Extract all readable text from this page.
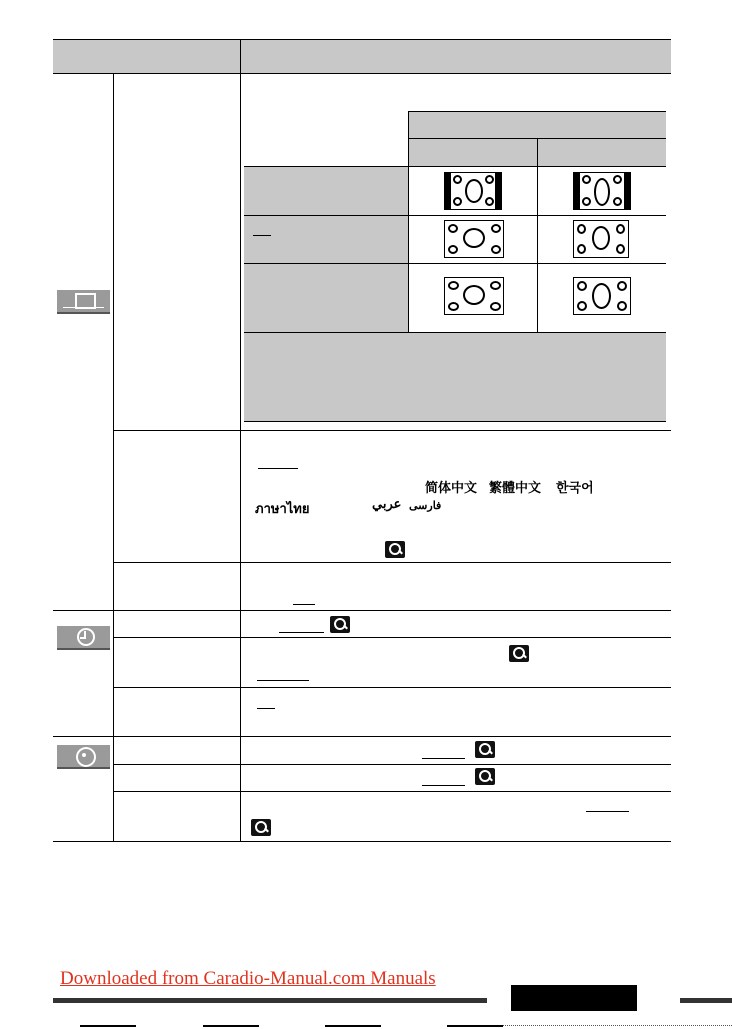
简体中文 繁體中文 한국어
ภาษาไทย	عربي فارسی
Downloaded from Caradio-Manual.com Manuals
